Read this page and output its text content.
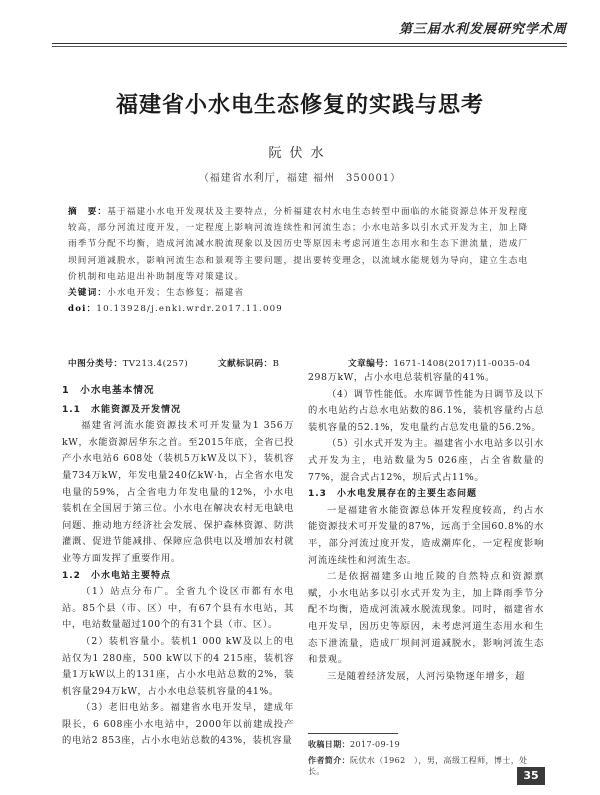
第三届水利发展研究学术周
福建省小水电生态修复的实践与思考
阮伏水
（福建省水利厅，福建 福州　350001）
摘　要：基于福建小水电开发现状及主要特点，分析福建农村水电生态转型中面临的水能资源总体开发程度较高，部分河流过度开发，一定程度上影响河流连续性和河流生态；小水电站多以引水式开发为主，加上降雨季节分配不均衡，造成河流减水脱流现象以及因历史等原因未考虑河道生态用水和生态下泄流量，造成厂坝间河道减脱水，影响河流生态和景观等主要问题，提出要转变理念，以流域水能规划为导向，建立生态电价机制和电站退出补助制度等对策建议。
关键词：小水电开发；生态修复；福建省
doi：10.13928/j.enki.wrdr.2017.11.009
中图分类号：TV213.4(257)	文献标识码：B	文章编号：1671-1408(2017)11-0035-04

1　小水电基本情况

1.1　水能资源及开发情况

福建省河流水能资源技术可开发量为1 356万kW，水能资源居华东之首。至2015年底，全省已投产小水电站6 608处（装机5万kW及以下），装机容量734万kW，年发电量240亿kW·h，占全省水电发电量的59%，占全省电力年发电量的12%，小水电装机在全国居于第三位。小水电在解决农村无电缺电问题、推动地方经济社会发展、保护森林资源、防洪灌溉、促进节能减排、保障应急供电以及增加农村就业等方面发挥了重要作用。

1.2　小水电站主要特点

（1）站点分布广。全省九个设区市都有水电站。85个县（市、区）中，有67个县有水电站，其中，电站数量超过100个的有31个县（市、区）。

（2）装机容量小。装机1 000 kW及以上的电站仅为1 280座，500 kW以下的4 215座，装机容量1万kW以上的131座，占小水电站总数的2%，装机容量294万kW，占小水电总装机容量的41%。

（3）老旧电站多。福建省水电开发早，建成年限长，6 608座小水电站中，2000年以前建成投产的电站2 853座，占小水电站总数的43%，装机容量

298万kW，占小水电总装机容量的41%。

（4）调节性能低。水库调节性能为日调节及以下的水电站约占总水电站数的86.1%，装机容量约占总装机容量的52.1%，发电量约占总发电量的56.2%。

（5）引水式开发为主。福建省小水电站多以引水式开发为主，电站数量为5 026座，占全省数量的77%，混合式占12%，坝后式占11%。

1.3　小水电发展存在的主要生态问题

一是福建省水能资源总体开发程度较高，约占水能资源技术可开发量的87%，远高于全国60.8%的水平，部分河流过度开发，造成潮库化，一定程度影响河流连续性和河流生态。

二是依据福建多山地丘陵的自然特点和资源禀赋，小水电站多以引水式开发为主，加上降雨季节分配不均衡，造成河流减水脱流现象。同时，福建省水电开发早，因历史等原因，未考虑河道生态用水和生态下泄流量，造成厂坝间河道减脱水，影响河流生态和景观。

三是随着经济发展，人河污染物逐年增多，超

收稿日期：2017-09-19
作者简介：阮伏水（1962　），男，高级工程师，博士，处长。	35
